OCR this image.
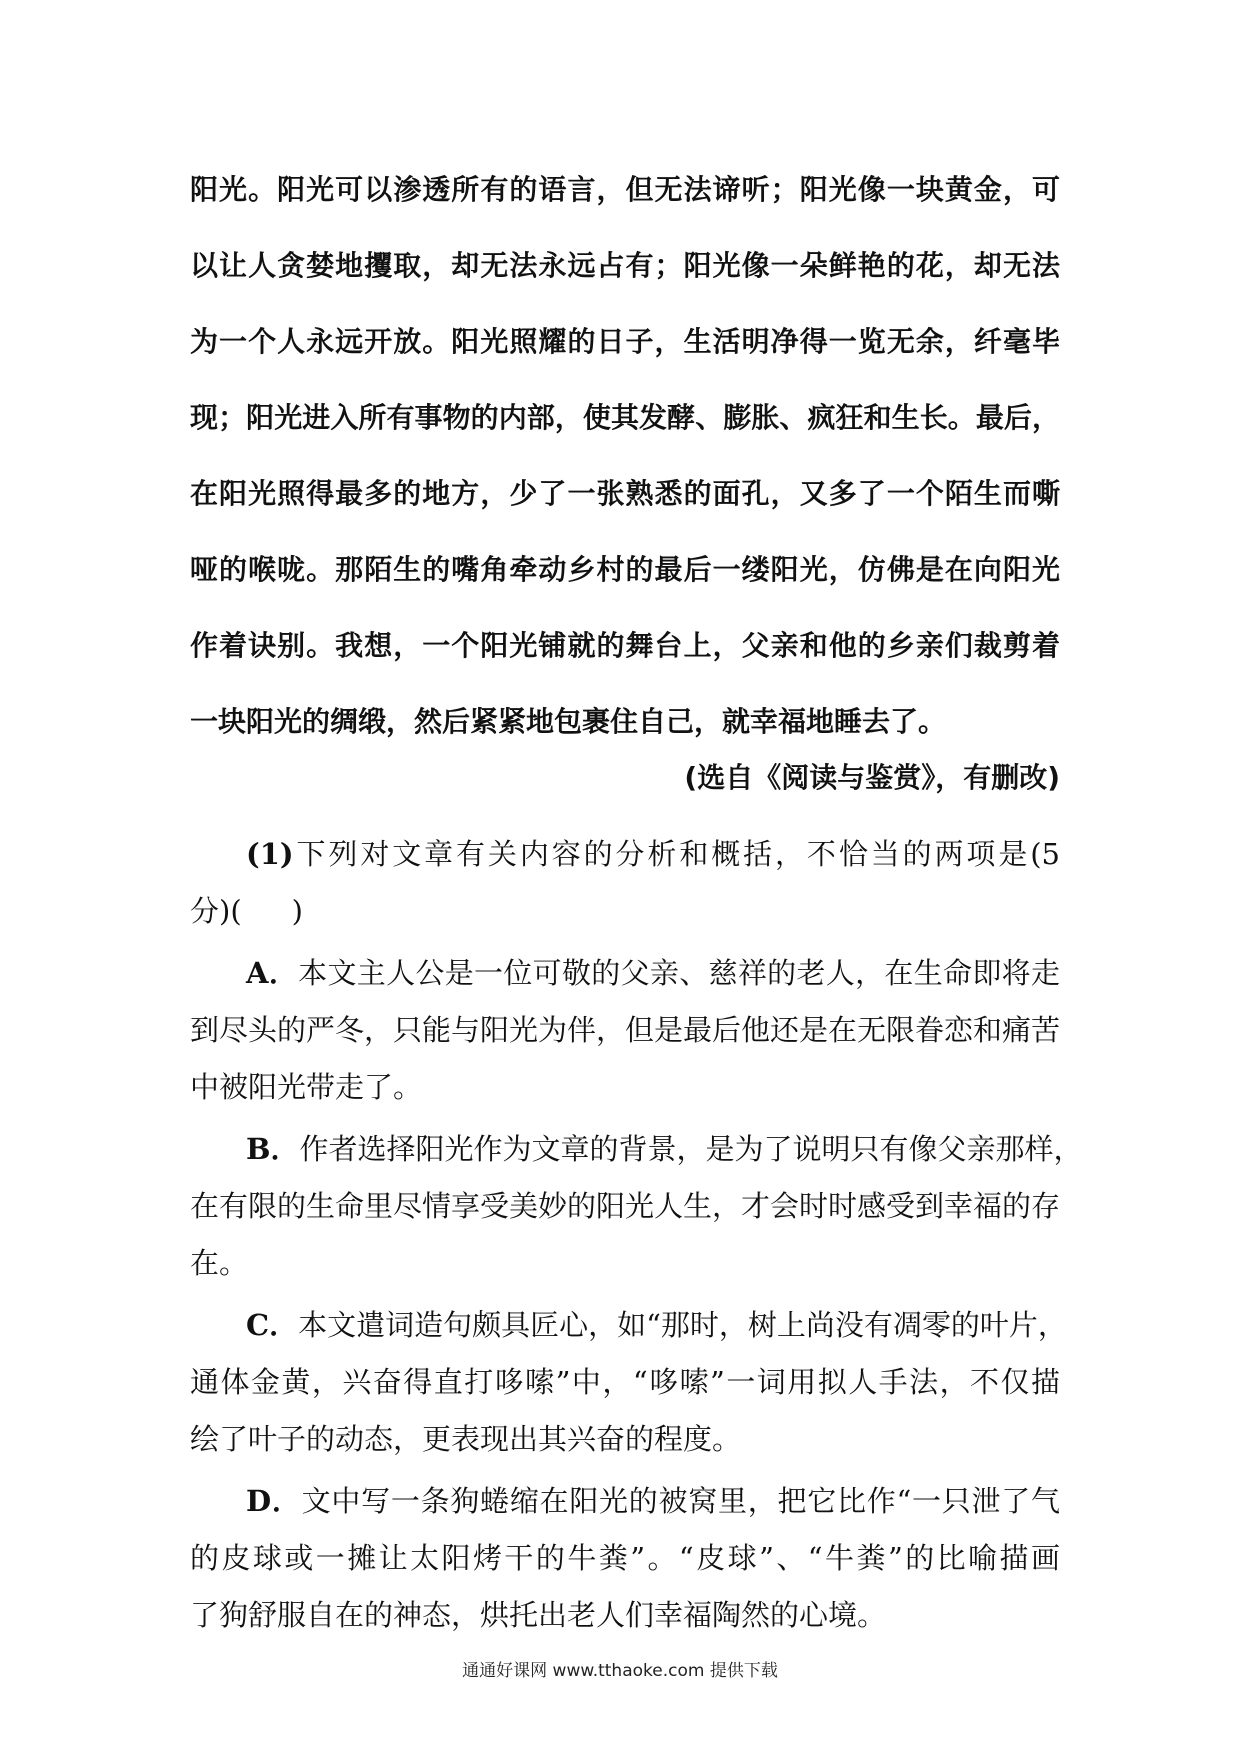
阳光。阳光可以渗透所有的语言，但无法谛听；阳光像一块黄金，可
以让人贪婪地攫取，却无法永远占有；阳光像一朵鲜艳的花，却无法
为一个人永远开放。阳光照耀的日子，生活明净得一览无余，纤毫毕
现；阳光进入所有事物的内部，使其发酵、膨胀、疯狂和生长。最后，
在阳光照得最多的地方，少了一张熟悉的面孔，又多了一个陌生而嘶
哑的喉咙。那陌生的嘴角牵动乡村的最后一缕阳光，仿佛是在向阳光
作着诀别。我想，一个阳光铺就的舞台上，父亲和他的乡亲们裁剪着
一块阳光的绸缎，然后紧紧地包裹住自己，就幸福地睡去了。
(选自《阅读与鉴赏》，有删改)
(1)下列对文章有关内容的分析和概括，不恰当的两项是(5
分)( )
A．本文主人公是一位可敬的父亲、慈祥的老人，在生命即将走
到尽头的严冬，只能与阳光为伴，但是最后他还是在无限眷恋和痛苦
中被阳光带走了。
B．作者选择阳光作为文章的背景，是为了说明只有像父亲那样，
在有限的生命里尽情享受美妙的阳光人生，才会时时感受到幸福的存
在。
C．本文遣词造句颇具匠心，如“那时，树上尚没有凋零的叶片，
通体金黄，兴奋得直打哆嗦”中，“哆嗦”一词用拟人手法，不仅描
绘了叶子的动态，更表现出其兴奋的程度。
D．文中写一条狗蜷缩在阳光的被窝里，把它比作“一只泄了气
的皮球或一摊让太阳烤干的牛粪”。“皮球”、“牛粪”的比喻描画
了狗舒服自在的神态，烘托出老人们幸福陶然的心境。
通通好课网 www.tthaoke.com 提供下载
